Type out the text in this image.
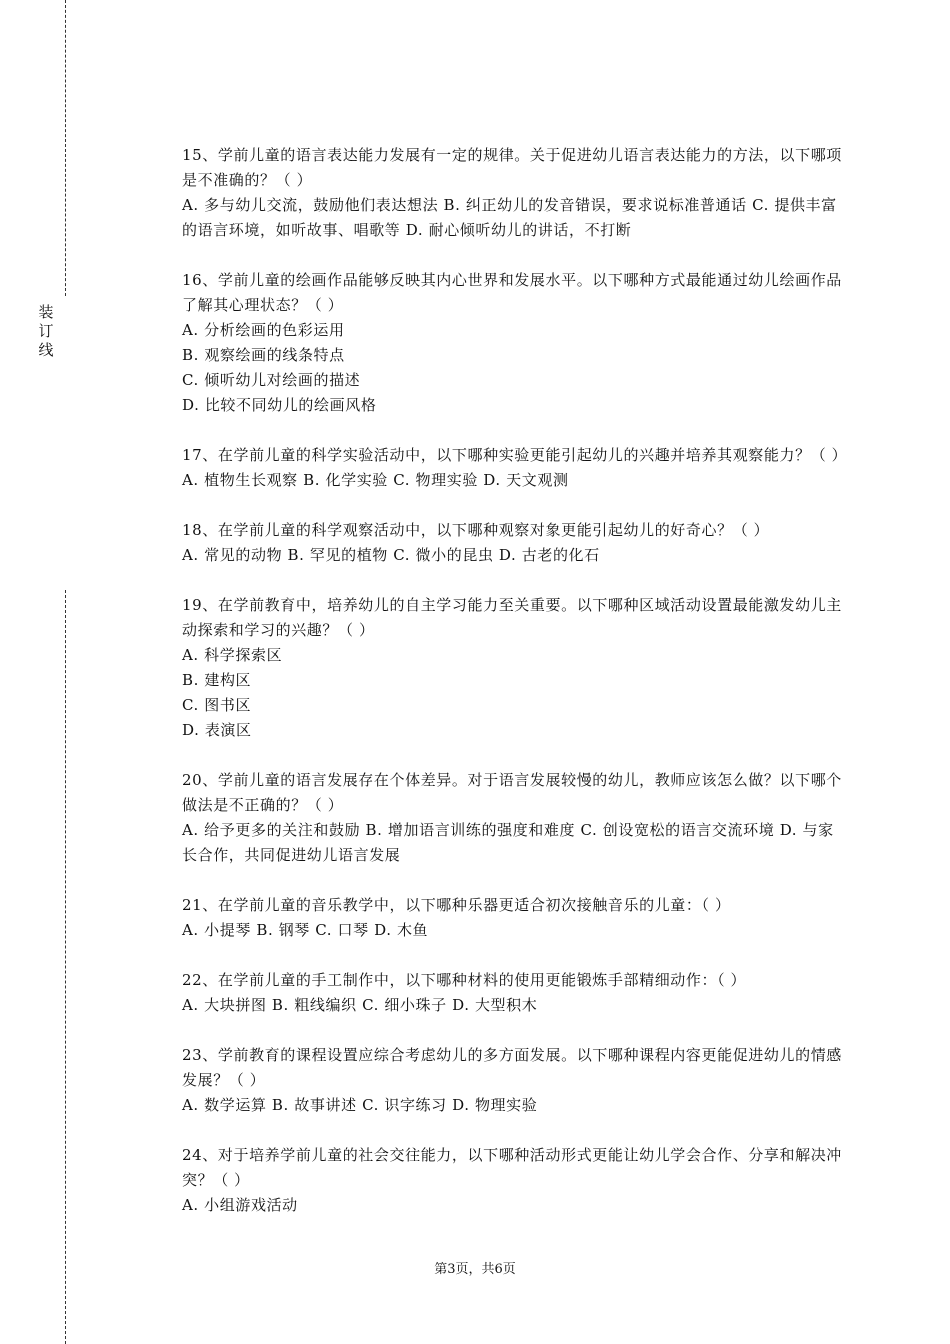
装订线

15、学前儿童的语言表达能力发展有一定的规律。关于促进幼儿语言表达能力的方法，以下哪项是不准确的？（ ）

A. 多与幼儿交流，鼓励他们表达想法 B. 纠正幼儿的发音错误，要求说标准普通话 C. 提供丰富的语言环境，如听故事、唱歌等 D. 耐心倾听幼儿的讲话，不打断

16、学前儿童的绘画作品能够反映其内心世界和发展水平。以下哪种方式最能通过幼儿绘画作品了解其心理状态？（ ）

A. 分析绘画的色彩运用

B. 观察绘画的线条特点

C. 倾听幼儿对绘画的描述

D. 比较不同幼儿的绘画风格

17、在学前儿童的科学实验活动中，以下哪种实验更能引起幼儿的兴趣并培养其观察能力？（ ）

A. 植物生长观察 B. 化学实验 C. 物理实验 D. 天文观测

18、在学前儿童的科学观察活动中，以下哪种观察对象更能引起幼儿的好奇心？（ ）

A. 常见的动物 B. 罕见的植物 C. 微小的昆虫 D. 古老的化石

19、在学前教育中，培养幼儿的自主学习能力至关重要。以下哪种区域活动设置最能激发幼儿主动探索和学习的兴趣？（ ）

A. 科学探索区

B. 建构区

C. 图书区

D. 表演区

20、学前儿童的语言发展存在个体差异。对于语言发展较慢的幼儿，教师应该怎么做？以下哪个做法是不正确的？（ ）

A. 给予更多的关注和鼓励 B. 增加语言训练的强度和难度 C. 创设宽松的语言交流环境 D. 与家长合作，共同促进幼儿语言发展

21、在学前儿童的音乐教学中，以下哪种乐器更适合初次接触音乐的儿童：（ ）

A. 小提琴 B. 钢琴 C. 口琴 D. 木鱼

22、在学前儿童的手工制作中，以下哪种材料的使用更能锻炼手部精细动作：（ ）

A. 大块拼图 B. 粗线编织 C. 细小珠子 D. 大型积木

23、学前教育的课程设置应综合考虑幼儿的多方面发展。以下哪种课程内容更能促进幼儿的情感发展？（ ）

A. 数学运算 B. 故事讲述 C. 识字练习 D. 物理实验

24、对于培养学前儿童的社会交往能力，以下哪种活动形式更能让幼儿学会合作、分享和解决冲突？（ ）

A. 小组游戏活动

第3页，共6页
